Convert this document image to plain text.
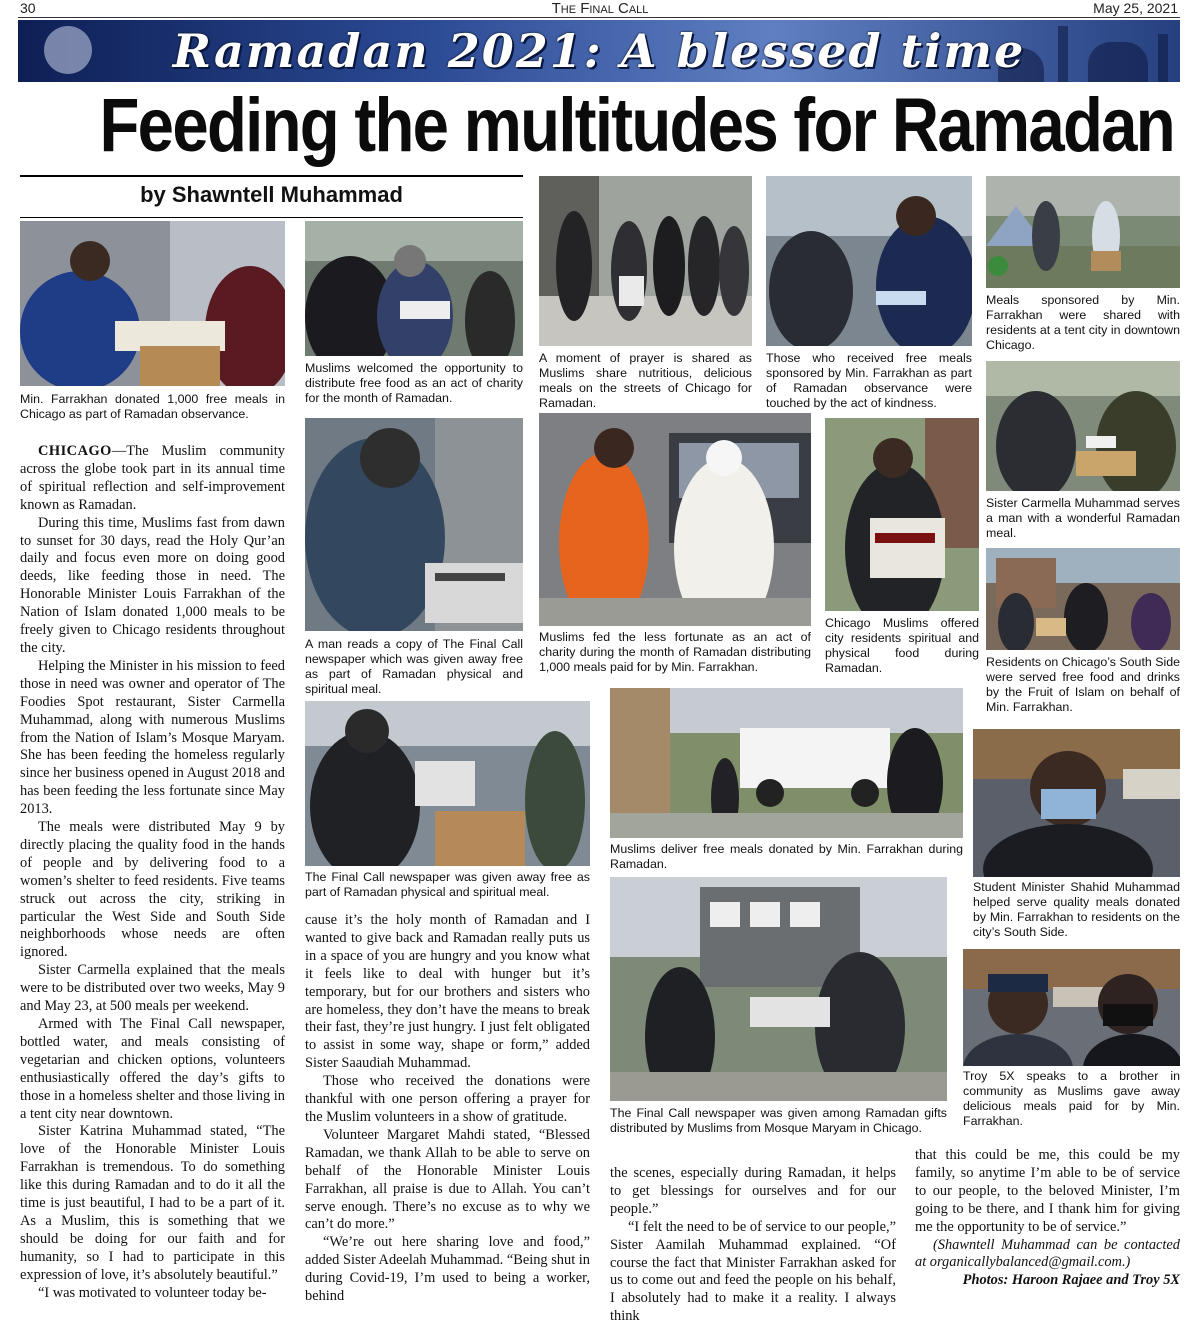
30	The Final Call	May 25, 2021
Ramadan 2021: A blessed time
Feeding the multitudes for Ramadan
by Shawntell Muhammad
Min. Farrakhan donated 1,000 free meals in Chicago as part of Ramadan observance.
Muslims welcomed the opportunity to distribute free food as an act of charity for the month of Ramadan.
A moment of prayer is shared as Muslims share nutritious, delicious meals on the streets of Chicago for Ramadan.
Those who received free meals sponsored by Min. Farrakhan as part of Ramadan observance were touched by the act of kindness.
Meals sponsored by Min. Farrakhan were shared with residents at a tent city in downtown Chicago.
A man reads a copy of The Final Call newspaper which was given away free as part of Ramadan physical and spiritual meal.
Muslims fed the less fortunate as an act of charity during the month of Ramadan distributing 1,000 meals paid for by Min. Farrakhan.
Chicago Muslims offered city residents spiritual and physical food during Ramadan.
Sister Carmella Muhammad serves a man with a wonderful Ramadan meal.
Residents on Chicago’s South Side were served free food and drinks by the Fruit of Islam on behalf of Min. Farrakhan.
The Final Call newspaper was given away free as part of Ramadan physical and spiritual meal.
Muslims deliver free meals donated by Min. Farrakhan during Ramadan.
Student Minister Shahid Muhammad helped serve quality meals donated by Min. Farrakhan to residents on the city’s South Side.
The Final Call newspaper was given among Ramadan gifts distributed by Muslims from Mosque Maryam in Chicago.
Troy 5X speaks to a brother in community as Muslims gave away delicious meals paid for by Min. Farrakhan.

CHICAGO—The Muslim community across the globe took part in its annual time of spiritual reflection and self-improvement known as Ramadan.

During this time, Muslims fast from dawn to sunset for 30 days, read the Holy Qur’an daily and focus even more on doing good deeds, like feeding those in need. The Honorable Minister Louis Farrakhan of the Nation of Islam donated 1,000 meals to be freely given to Chicago residents throughout the city.

Helping the Minister in his mission to feed those in need was owner and operator of The Foodies Spot restaurant, Sister Carmella Muhammad, along with numerous Muslims from the Nation of Islam’s Mosque Maryam. She has been feeding the homeless regularly since her business opened in August 2018 and has been feeding the less fortunate since May 2013.

The meals were distributed May 9 by directly placing the quality food in the hands of people and by delivering food to a women’s shelter to feed residents. Five teams struck out across the city, striking in particular the West Side and South Side neighborhoods whose needs are often ignored.

Sister Carmella explained that the meals were to be distributed over two weeks, May 9 and May 23, at 500 meals per weekend.

Armed with The Final Call newspaper, bottled water, and meals consisting of vegetarian and chicken options, volunteers enthusiastically offered the day’s gifts to those in a homeless shelter and those living in a tent city near downtown.

Sister Katrina Muhammad stated, “The love of the Honorable Minister Louis Farrakhan is tremendous. To do something like this during Ramadan and to do it all the time is just beautiful, I had to be a part of it. As a Muslim, this is something that we should be doing for our faith and for humanity, so I had to participate in this expression of love, it’s absolutely beautiful.”

“I was motivated to volunteer today be-

cause it’s the holy month of Ramadan and I wanted to give back and Ramadan really puts us in a space of you are hungry and you know what it feels like to deal with hunger but it’s temporary, but for our brothers and sisters who are homeless, they don’t have the means to break their fast, they’re just hungry. I just felt obligated to assist in some way, shape or form,” added Sister Saaudiah Muhammad.

Those who received the donations were thankful with one person offering a prayer for the Muslim volunteers in a show of gratitude.

Volunteer Margaret Mahdi stated, “Blessed Ramadan, we thank Allah to be able to serve on behalf of the Honorable Minister Louis Farrakhan, all praise is due to Allah. You can’t serve enough. There’s no excuse as to why we can’t do more.”

“We’re out here sharing love and food,” added Sister Adeelah Muhammad. “Being shut in during Covid-19, I’m used to being a worker, behind

the scenes, especially during Ramadan, it helps to get blessings for ourselves and for our people.”

“I felt the need to be of service to our people,” Sister Aamilah Muhammad explained. “Of course the fact that Minister Farrakhan asked for us to come out and feed the people on his behalf, I absolutely had to make it a reality. I always think

that this could be me, this could be my family, so anytime I’m able to be of service to our people, to the beloved Minister, I’m going to be there, and I thank him for giving me the opportunity to be of service.”

(Shawntell Muhammad can be contacted at organicallybalanced@gmail.com.)

Photos: Haroon Rajaee and Troy 5X
